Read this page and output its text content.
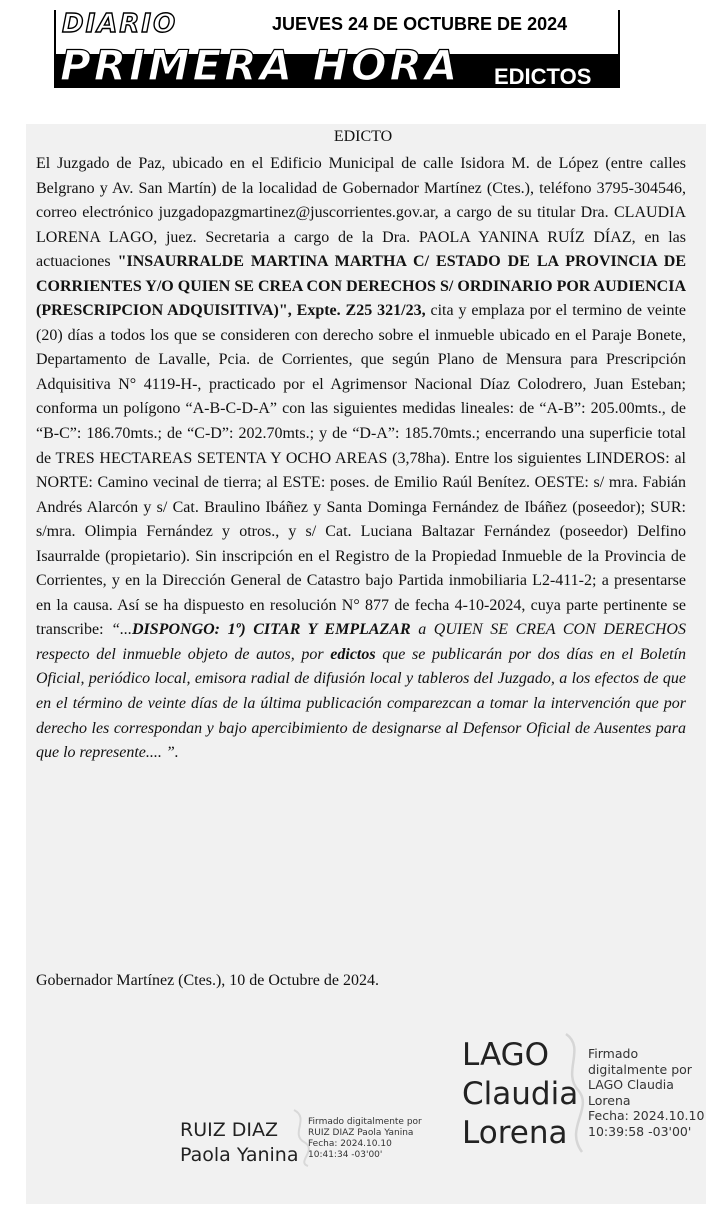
DIARIO	JUEVES 24 DE OCTUBRE DE 2024
PRIMERA HORA EDICTOS
EDICTO

El Juzgado de Paz, ubicado en el Edificio Municipal de calle Isidora M. de López (entre calles Belgrano y Av. San Martín) de la localidad de Gobernador Martínez (Ctes.), teléfono 3795-304546, correo electrónico juzgadopazgmartinez@juscorrientes.gov.ar, a cargo de su titular Dra. CLAUDIA LORENA LAGO, juez. Secretaria a cargo de la Dra. PAOLA YANINA RUÍZ DÍAZ, en las actuaciones "INSAURRALDE MARTINA MARTHA C/ ESTADO DE LA PROVINCIA DE CORRIENTES Y/O QUIEN SE CREA CON DERECHOS S/ ORDINARIO POR AUDIENCIA (PRESCRIPCION ADQUISITIVA)", Expte. Z25 321/23, cita y emplaza por el termino de veinte (20) días a todos los que se consideren con derecho sobre el inmueble ubicado en el Paraje Bonete, Departamento de Lavalle, Pcia. de Corrientes, que según Plano de Mensura para Prescripción Adquisitiva N° 4119-H-, practicado por el Agrimensor Nacional Díaz Colodrero, Juan Esteban; conforma un polígono “A-B-C-D-A” con las siguientes medidas lineales: de “A-B”: 205.00mts., de “B-C”: 186.70mts.; de “C-D”: 202.70mts.; y de “D-A”: 185.70mts.; encerrando una superficie total de TRES HECTAREAS SETENTA Y OCHO AREAS (3,78ha). Entre los siguientes LINDEROS: al NORTE: Camino vecinal de tierra; al ESTE: poses. de Emilio Raúl Benítez. OESTE: s/ mra. Fabián Andrés Alarcón y s/ Cat. Braulino Ibáñez y Santa Dominga Fernández de Ibáñez (poseedor); SUR: s/mra. Olimpia Fernández y otros., y s/ Cat. Luciana Baltazar Fernández (poseedor) Delfino Isaurralde (propietario). Sin inscripción en el Registro de la Propiedad Inmueble de la Provincia de Corrientes, y en la Dirección General de Catastro bajo Partida inmobiliaria L2-411-2; a presentarse en la causa. Así se ha dispuesto en resolución N° 877 de fecha 4-10-2024, cuya parte pertinente se transcribe: “...DISPONGO: 1º) CITAR Y EMPLAZAR a QUIEN SE CREA CON DERECHOS respecto del inmueble objeto de autos, por edictos que se publicarán por dos días en el Boletín Oficial, periódico local, emisora radial de difusión local y tableros del Juzgado, a los efectos de que en el término de veinte días de la última publicación comparezcan a tomar la intervención que por derecho les correspondan y bajo apercibimiento de designarse al Defensor Oficial de Ausentes para que lo represente.... ”.

Gobernador Martínez (Ctes.), 10 de Octubre de 2024.
RUIZ DIAZ
Paola Yanina
Firmado digitalmente por
RUIZ DIAZ Paola Yanina
Fecha: 2024.10.10
10:41:34 -03'00'
LAGO
Claudia
Lorena
Firmado
digitalmente por
LAGO Claudia
Lorena
Fecha: 2024.10.10
10:39:58 -03'00'
